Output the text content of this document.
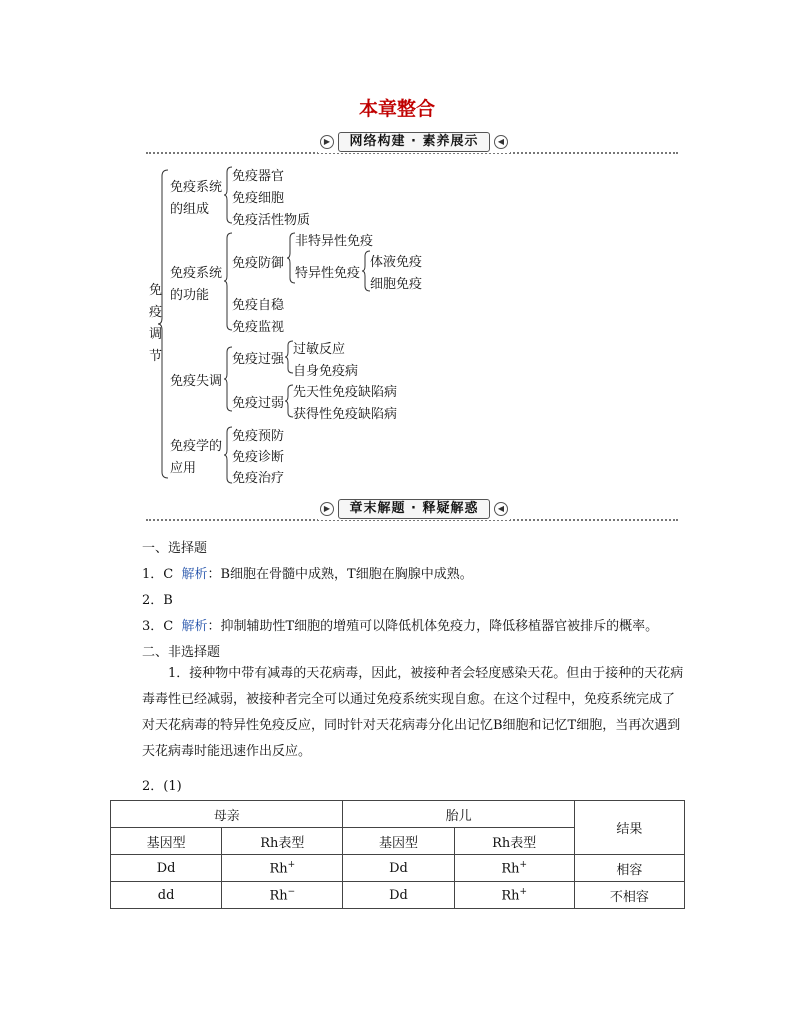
本章整合
▶	网络构建 · 素养展示	◀
免
疫
调
节
免疫系统
的组成
免疫器官
免疫细胞
免疫活性物质
免疫系统
的功能
免疫防御
非特异性免疫
特异性免疫
体液免疫
细胞免疫
免疫自稳
免疫监视
免疫失调
免疫过强
过敏反应
自身免疫病
免疫过弱
先天性免疫缺陷病
获得性免疫缺陷病
免疫学的
应用
免疫预防
免疫诊断
免疫治疗
▶	章末解题 · 释疑解惑	◀
一、选择题
1．C 解析：B细胞在骨髓中成熟，T细胞在胸腺中成熟。
2．B
3．C 解析：抑制辅助性T细胞的增殖可以降低机体免疫力，降低移植器官被排斥的概率。
二、非选择题
1．接种物中带有减毒的天花病毒，因此，被接种者会轻度感染天花。但由于接种的天花病毒毒性已经减弱，被接种者完全可以通过免疫系统实现自愈。在这个过程中，免疫系统完成了对天花病毒的特异性免疫反应，同时针对天花病毒分化出记忆B细胞和记忆T细胞，当再次遇到天花病毒时能迅速作出反应。
2．(1)
母亲		胎儿		结果
基因型	Rh表型	基因型	Rh表型	
Dd	Rh+	Dd	Rh+	相容
dd	Rh−	Dd	Rh+	不相容
